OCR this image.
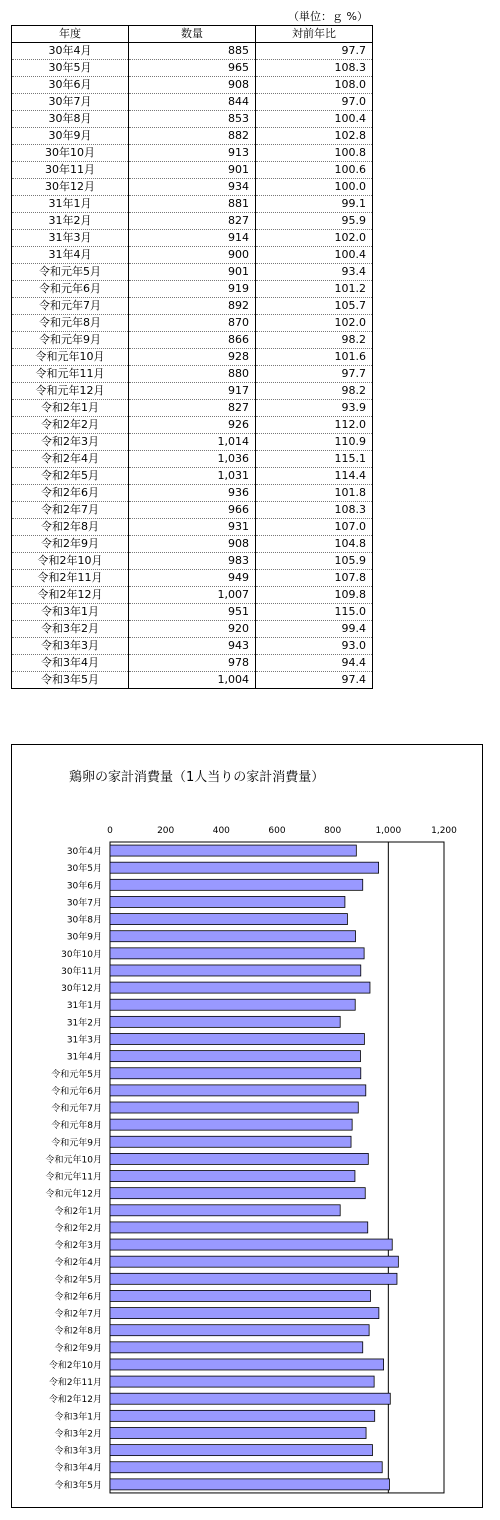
（単位：ｇ %）
年度	数量	対前年比
30年4月	885	97.7
30年5月	965	108.3
30年6月	908	108.0
30年7月	844	97.0
30年8月	853	100.4
30年9月	882	102.8
30年10月	913	100.8
30年11月	901	100.6
30年12月	934	100.0
31年1月	881	99.1
31年2月	827	95.9
31年3月	914	102.0
31年4月	900	100.4
令和元年5月	901	93.4
令和元年6月	919	101.2
令和元年7月	892	105.7
令和元年8月	870	102.0
令和元年9月	866	98.2
令和元年10月	928	101.6
令和元年11月	880	97.7
令和元年12月	917	98.2
令和2年1月	827	93.9
令和2年2月	926	112.0
令和2年3月	1,014	110.9
令和2年4月	1,036	115.1
令和2年5月	1,031	114.4
令和2年6月	936	101.8
令和2年7月	966	108.3
令和2年8月	931	107.0
令和2年9月	908	104.8
令和2年10月	983	105.9
令和2年11月	949	107.8
令和2年12月	1,007	109.8
令和3年1月	951	115.0
令和3年2月	920	99.4
令和3年3月	943	93.0
令和3年4月	978	94.4
令和3年5月	1,004	97.4
鶏卵の家計消費量（1人当りの家計消費量）
0	200	400	600	800	1,000	1,200
30年4月
30年5月
30年6月
30年7月
30年8月
30年9月
30年10月
30年11月
30年12月
31年1月
31年2月
31年3月
31年4月
令和元年5月
令和元年6月
令和元年7月
令和元年8月
令和元年9月
令和元年10月
令和元年11月
令和元年12月
令和2年1月
令和2年2月
令和2年3月
令和2年4月
令和2年5月
令和2年6月
令和2年7月
令和2年8月
令和2年9月
令和2年10月
令和2年11月
令和2年12月
令和3年1月
令和3年2月
令和3年3月
令和3年4月
令和3年5月
